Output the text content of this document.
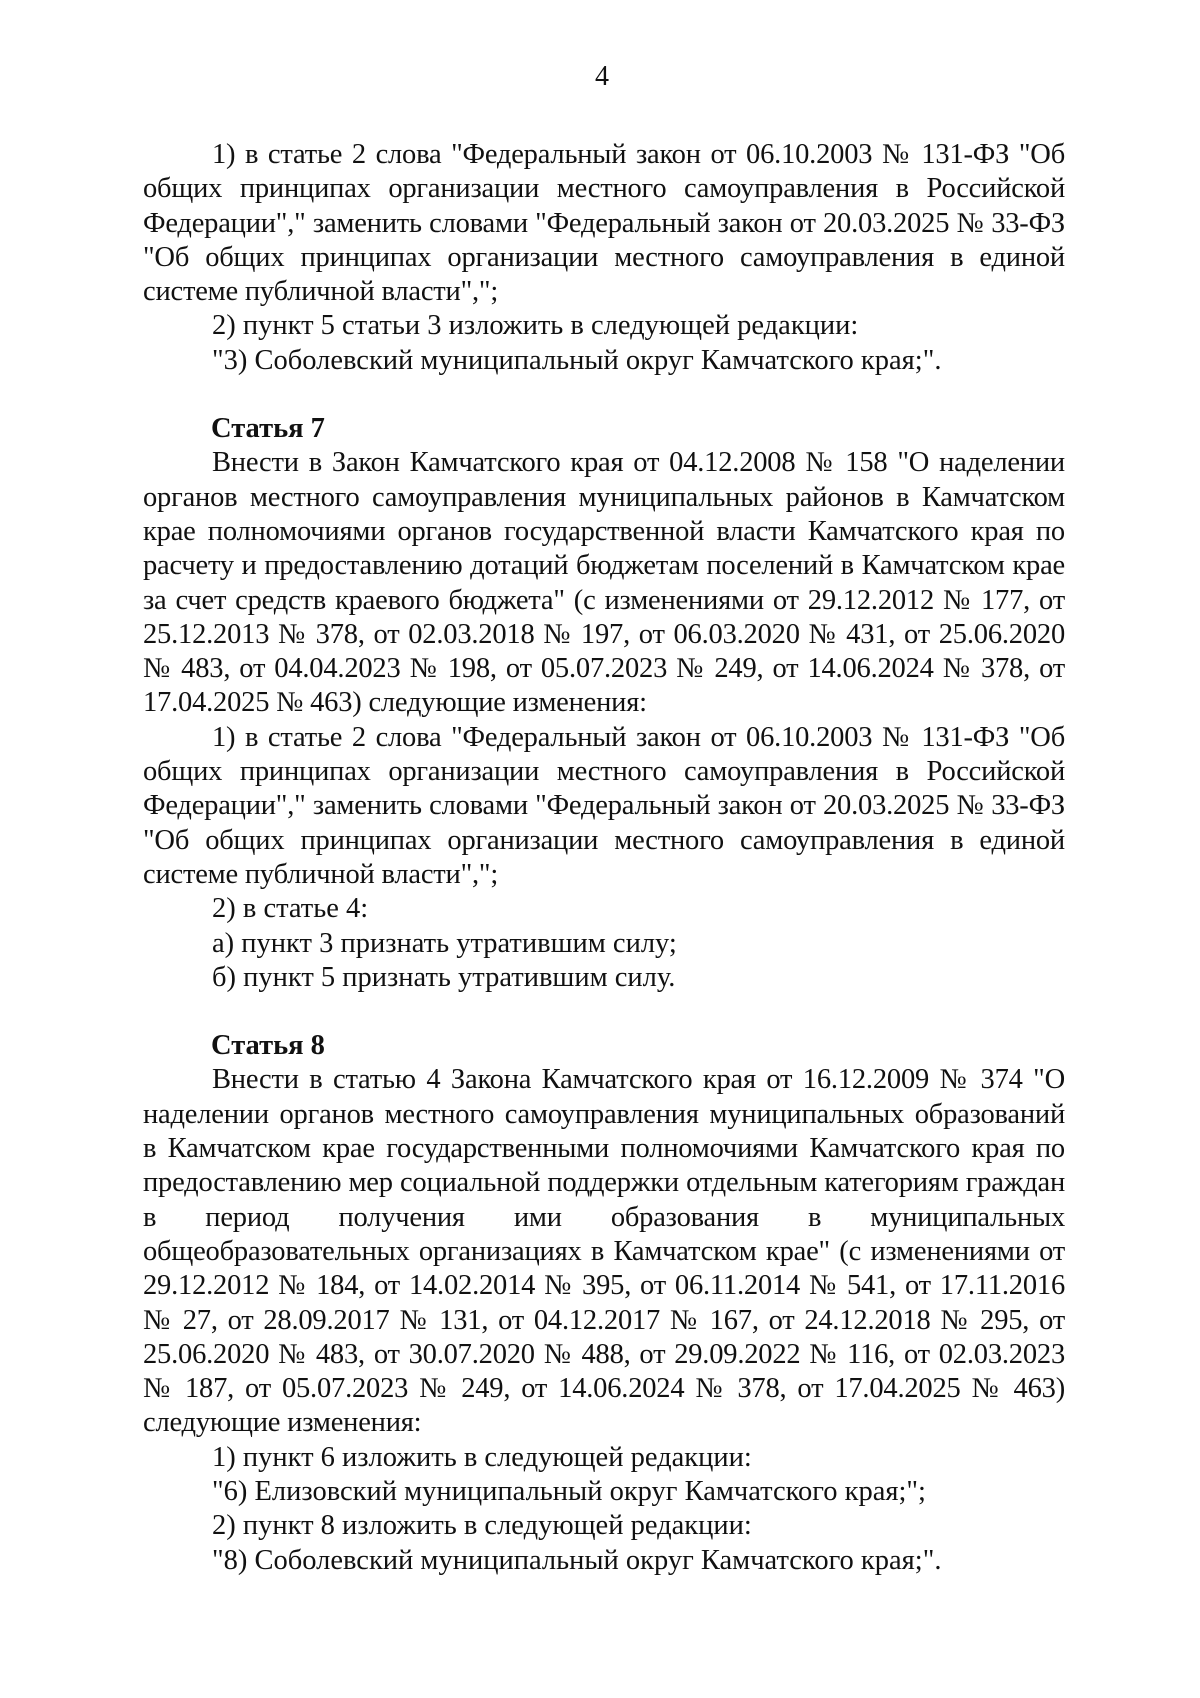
4

1) в статье 2 слова "Федеральный закон от 06.10.2003 № 131-ФЗ "Об общих принципах организации местного самоуправления в Российской Федерации"," заменить словами "Федеральный закон от 20.03.2025 № 33-ФЗ "Об общих принципах организации местного самоуправления в единой системе публичной власти",";

2) пункт 5 статьи 3 изложить в следующей редакции:

"3) Соболевский муниципальный округ Камчатского края;".

Статья 7

Внести в Закон Камчатского края от 04.12.2008 № 158 "О наделении органов местного самоуправления муниципальных районов в Камчатском крае полномочиями органов государственной власти Камчатского края по расчету и предоставлению дотаций бюджетам поселений в Камчатском крае за счет средств краевого бюджета" (с изменениями от 29.12.2012 № 177, от 25.12.2013 № 378, от 02.03.2018 № 197, от 06.03.2020 № 431, от 25.06.2020 № 483, от 04.04.2023 № 198, от 05.07.2023 № 249, от 14.06.2024 № 378, от 17.04.2025 № 463) следующие изменения:

1) в статье 2 слова "Федеральный закон от 06.10.2003 № 131-ФЗ "Об общих принципах организации местного самоуправления в Российской Федерации"," заменить словами "Федеральный закон от 20.03.2025 № 33-ФЗ "Об общих принципах организации местного самоуправления в единой системе публичной власти",";

2) в статье 4:

а) пункт 3 признать утратившим силу;

б) пункт 5 признать утратившим силу.

Статья 8

Внести в статью 4 Закона Камчатского края от 16.12.2009 № 374 "О наделении органов местного самоуправления муниципальных образований в Камчатском крае государственными полномочиями Камчатского края по предоставлению мер социальной поддержки отдельным категориям граждан в период получения ими образования в муниципальных общеобразовательных организациях в Камчатском крае" (с изменениями от 29.12.2012 № 184, от 14.02.2014 № 395, от 06.11.2014 № 541, от 17.11.2016 № 27, от 28.09.2017 № 131, от 04.12.2017 № 167, от 24.12.2018 № 295, от 25.06.2020 № 483, от 30.07.2020 № 488, от 29.09.2022 № 116, от 02.03.2023 № 187, от 05.07.2023 № 249, от 14.06.2024 № 378, от 17.04.2025 № 463) следующие изменения:

1) пункт 6 изложить в следующей редакции:

"6) Елизовский муниципальный округ Камчатского края;";

2) пункт 8 изложить в следующей редакции:

"8) Соболевский муниципальный округ Камчатского края;".
